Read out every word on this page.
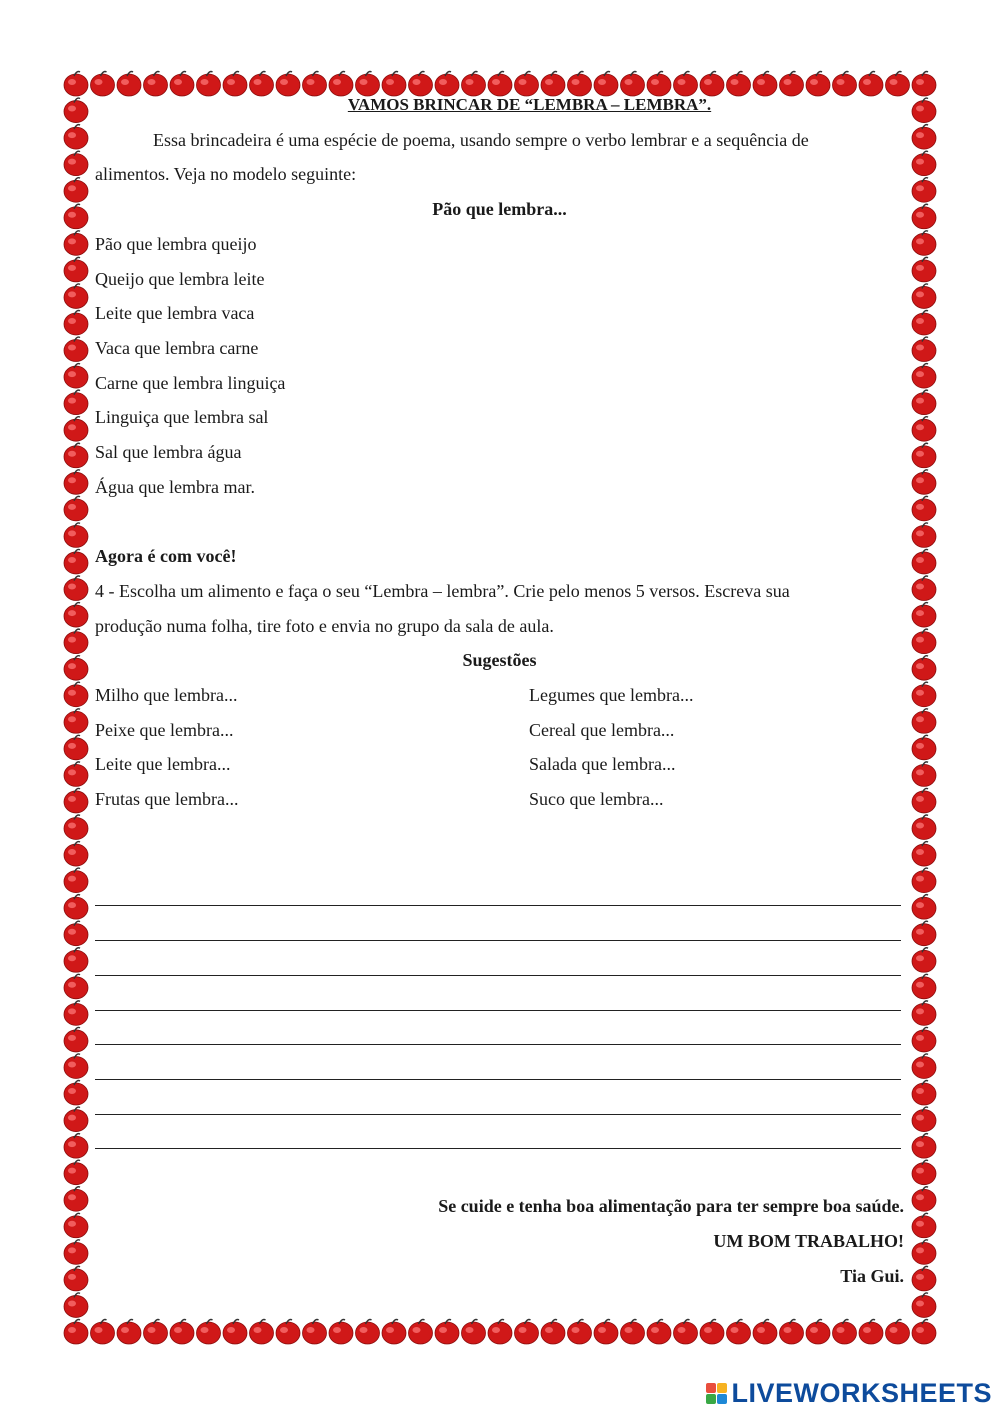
VAMOS BRINCAR DE “LEMBRA – LEMBRA”.
Essa brincadeira é uma espécie de poema, usando sempre o verbo lembrar e a sequência de
alimentos. Veja no modelo seguinte:
Pão que lembra...
Pão que lembra queijo
Queijo que lembra leite
Leite que lembra vaca
Vaca que lembra carne
Carne que lembra linguiça
Linguiça que lembra sal
Sal que lembra água
Água que lembra mar.
Agora é com você!
4 - Escolha um alimento e faça o seu “Lembra – lembra”. Crie pelo menos 5 versos. Escreva sua
produção numa folha, tire foto e envia no grupo da sala de aula.
Sugestões
Milho que lembra...
Peixe que lembra...
Leite que lembra...
Frutas que lembra...
Legumes que lembra...
Cereal que lembra...
Salada que lembra...
Suco que lembra...
Se cuide e tenha boa alimentação para ter sempre boa saúde.
UM BOM TRABALHO!
Tia Gui.
LIVEWORKSHEETS
